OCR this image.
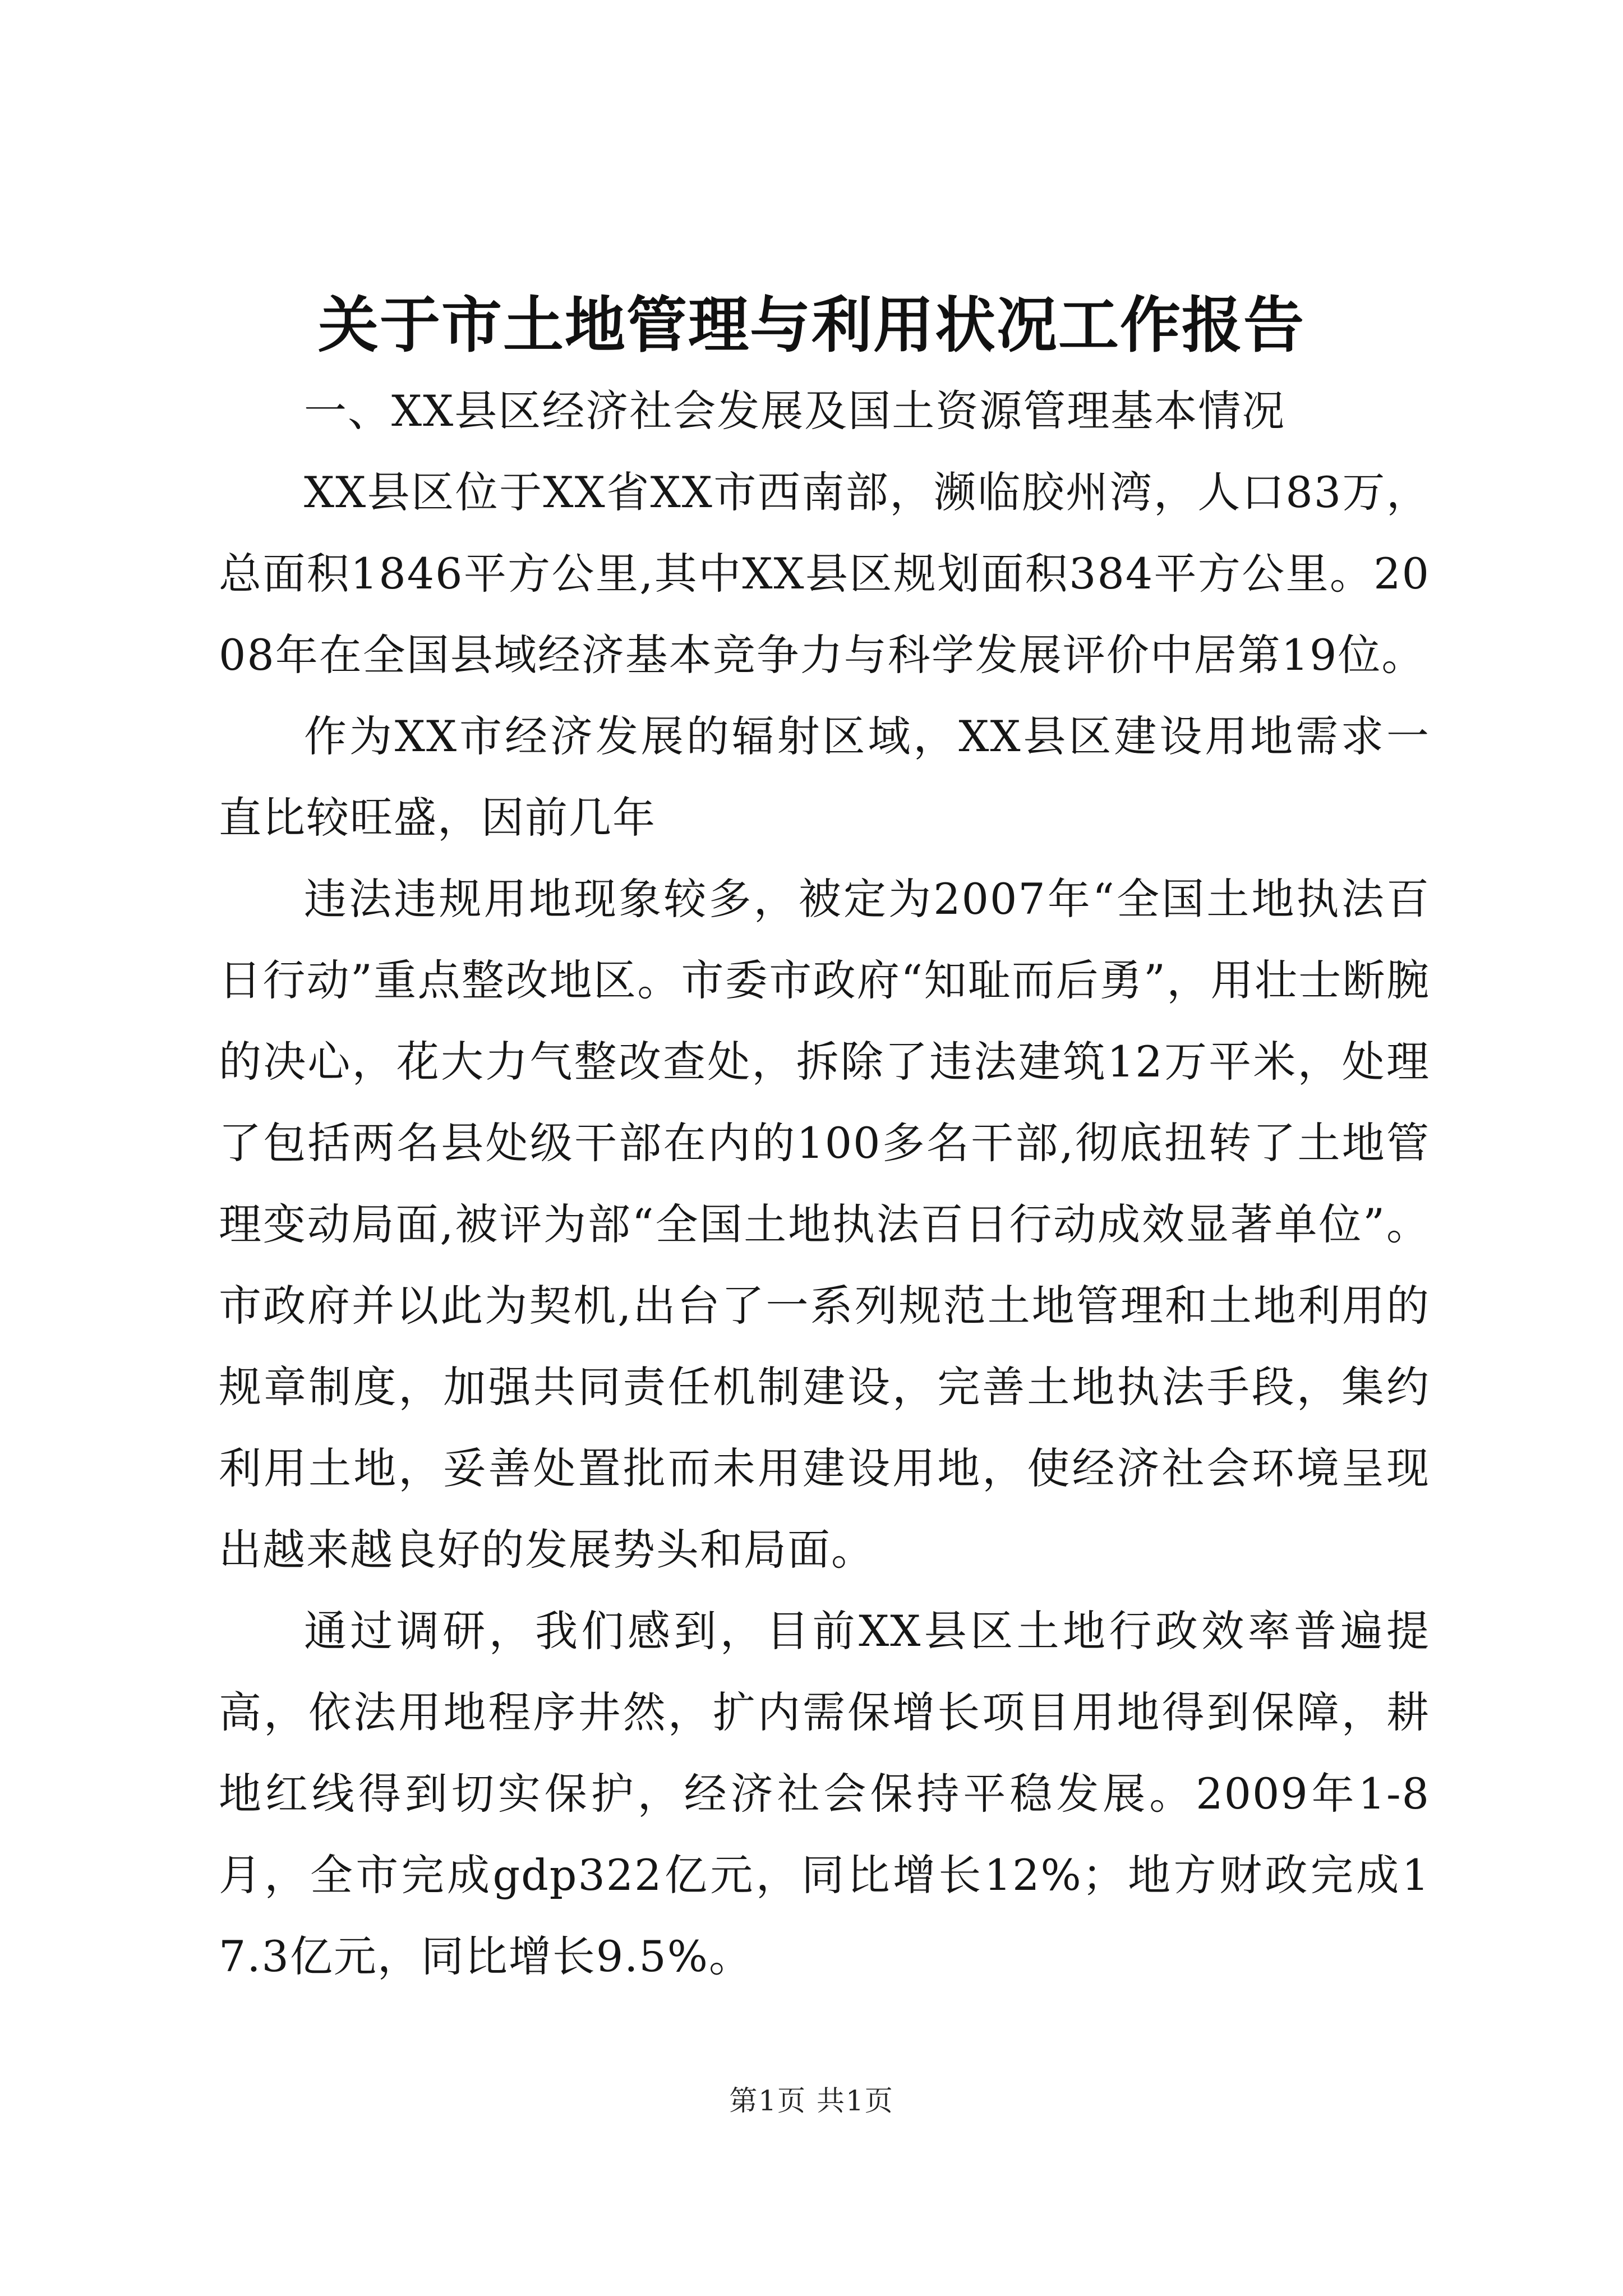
关于市土地管理与利用状况工作报告

一、XX县区经济社会发展及国土资源管理基本情况

XX县区位于XX省XX市西南部，濒临胶州湾，人口83万，总面积1846平方公里,其中XX县区规划面积384平方公里。2008年在全国县域经济基本竞争力与科学发展评价中居第19位。

作为XX市经济发展的辐射区域，XX县区建设用地需求一直比较旺盛，因前几年

违法违规用地现象较多，被定为2007年“全国土地执法百日行动”重点整改地区。市委市政府“知耻而后勇”，用壮士断腕的决心，花大力气整改查处，拆除了违法建筑12万平米，处理了包括两名县处级干部在内的100多名干部,彻底扭转了土地管理变动局面,被评为部“全国土地执法百日行动成效显著单位”。市政府并以此为契机,出台了一系列规范土地管理和土地利用的规章制度，加强共同责任机制建设，完善土地执法手段，集约利用土地，妥善处置批而未用建设用地，使经济社会环境呈现出越来越良好的发展势头和局面。

通过调研，我们感到，目前XX县区土地行政效率普遍提高，依法用地程序井然，扩内需保增长项目用地得到保障，耕地红线得到切实保护，经济社会保持平稳发展。2009年1-8月，全市完成gdp322亿元，同比增长12%；地方财政完成17.3亿元，同比增长9.5%。

第1页 共1页
